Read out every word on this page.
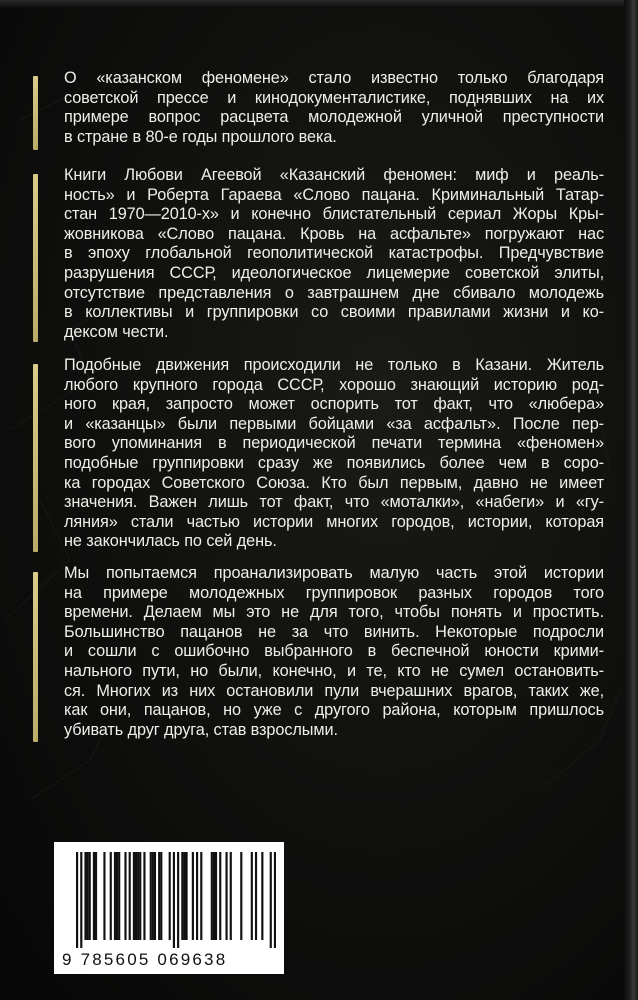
О «казанском феномене» стало известно только благодаря
советской прессе и кинодокументалистике, поднявших на их
примере вопрос расцвета молодежной уличной преступности
в стране в 80-е годы прошлого века.
Книги Любови Агеевой «Казанский феномен: миф и реаль-
ность» и Роберта Гараева «Слово пацана. Криминальный Татар-
стан 1970—2010-х» и конечно блистательный сериал Жоры Кры-
жовникова «Слово пацана. Кровь на асфальте» погружают нас
в эпоху глобальной геополитической катастрофы. Предчувствие
разрушения СССР, идеологическое лицемерие советской элиты,
отсутствие представления о завтрашнем дне сбивало молодежь
в коллективы и группировки со своими правилами жизни и ко-
дексом чести.
Подобные движения происходили не только в Казани. Житель
любого крупного города СССР, хорошо знающий историю род-
ного края, запросто может оспорить тот факт, что «люберa»
и «казанцы» были первыми бойцами «за асфальт». После пер-
вого упоминания в периодической печати термина «феномен»
подобные группировки сразу же появились более чем в соро-
ка городах Советского Союза. Кто был первым, давно не имеет
значения. Важен лишь тот факт, что «моталки», «набеги» и «гу-
ляния» стали частью истории многих городов, истории, которая
не закончилась по сей день.
Мы попытаемся проанализировать малую часть этой истории
на примере молодежных группировок разных городов того
времени. Делаем мы это не для того, чтобы понять и простить.
Большинство пацанов не за что винить. Некоторые подросли
и сошли с ошибочно выбранного в беспечной юности крими-
нального пути, но были, конечно, и те, кто не сумел остановить-
ся. Многих из них остановили пули вчерашних врагов, таких же,
как они, пацанов, но уже с другого района, которым пришлось
убивать друг друга, став взрослыми.
9 785605 069638
